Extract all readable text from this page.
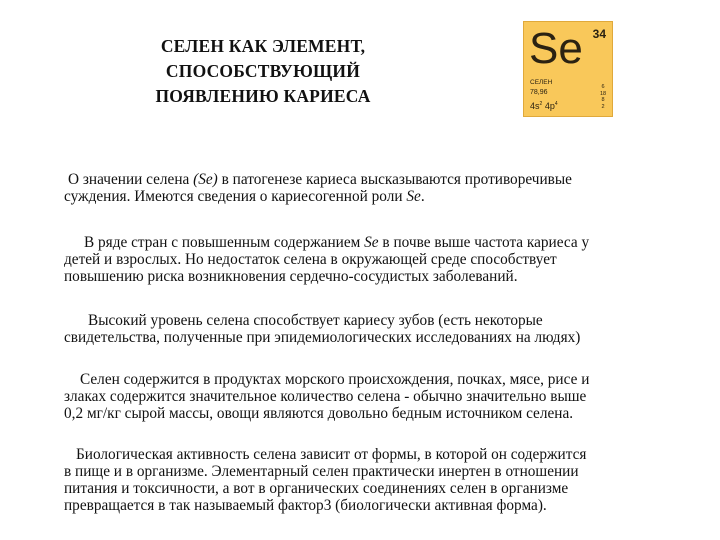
СЕЛЕН КАК ЭЛЕМЕНТ,
СПОСОБСТВУЮЩИЙ
ПОЯВЛЕНИЮ КАРИЕСА
Se 34
СЕЛЕН
78,96
$4s^2$ $4p^4$
6
18
8
2
О значении селена (Se) в патогенезе кариеса высказываются противоречивые
суждения. Имеются сведения о кариесогенной роли Se.
В ряде стран с повышенным содержанием Se в почве выше частота кариеса у
детей и взрослых. Но недостаток селена в окружающей среде способствует
повышению риска возникновения сердечно-сосудистых заболеваний.
Высокий уровень селена способствует кариесу зубов (есть некоторые
свидетельства, полученные при эпидемиологических исследованиях на людях)
Селен содержится в продуктах морского происхождения, почках, мясе, рисе и
злаках содержится значительное количество селена - обычно значительно выше
0,2 мг/кг сырой массы, овощи являются довольно бедным источником селена.
Биологическая активность селена зависит от формы, в которой он содержится
в пище и в организме. Элементарный селен практически инертен в отношении
питания и токсичности, а вот в органических соединениях селен в организме
превращается в так называемый фактор3 (биологически активная форма).
